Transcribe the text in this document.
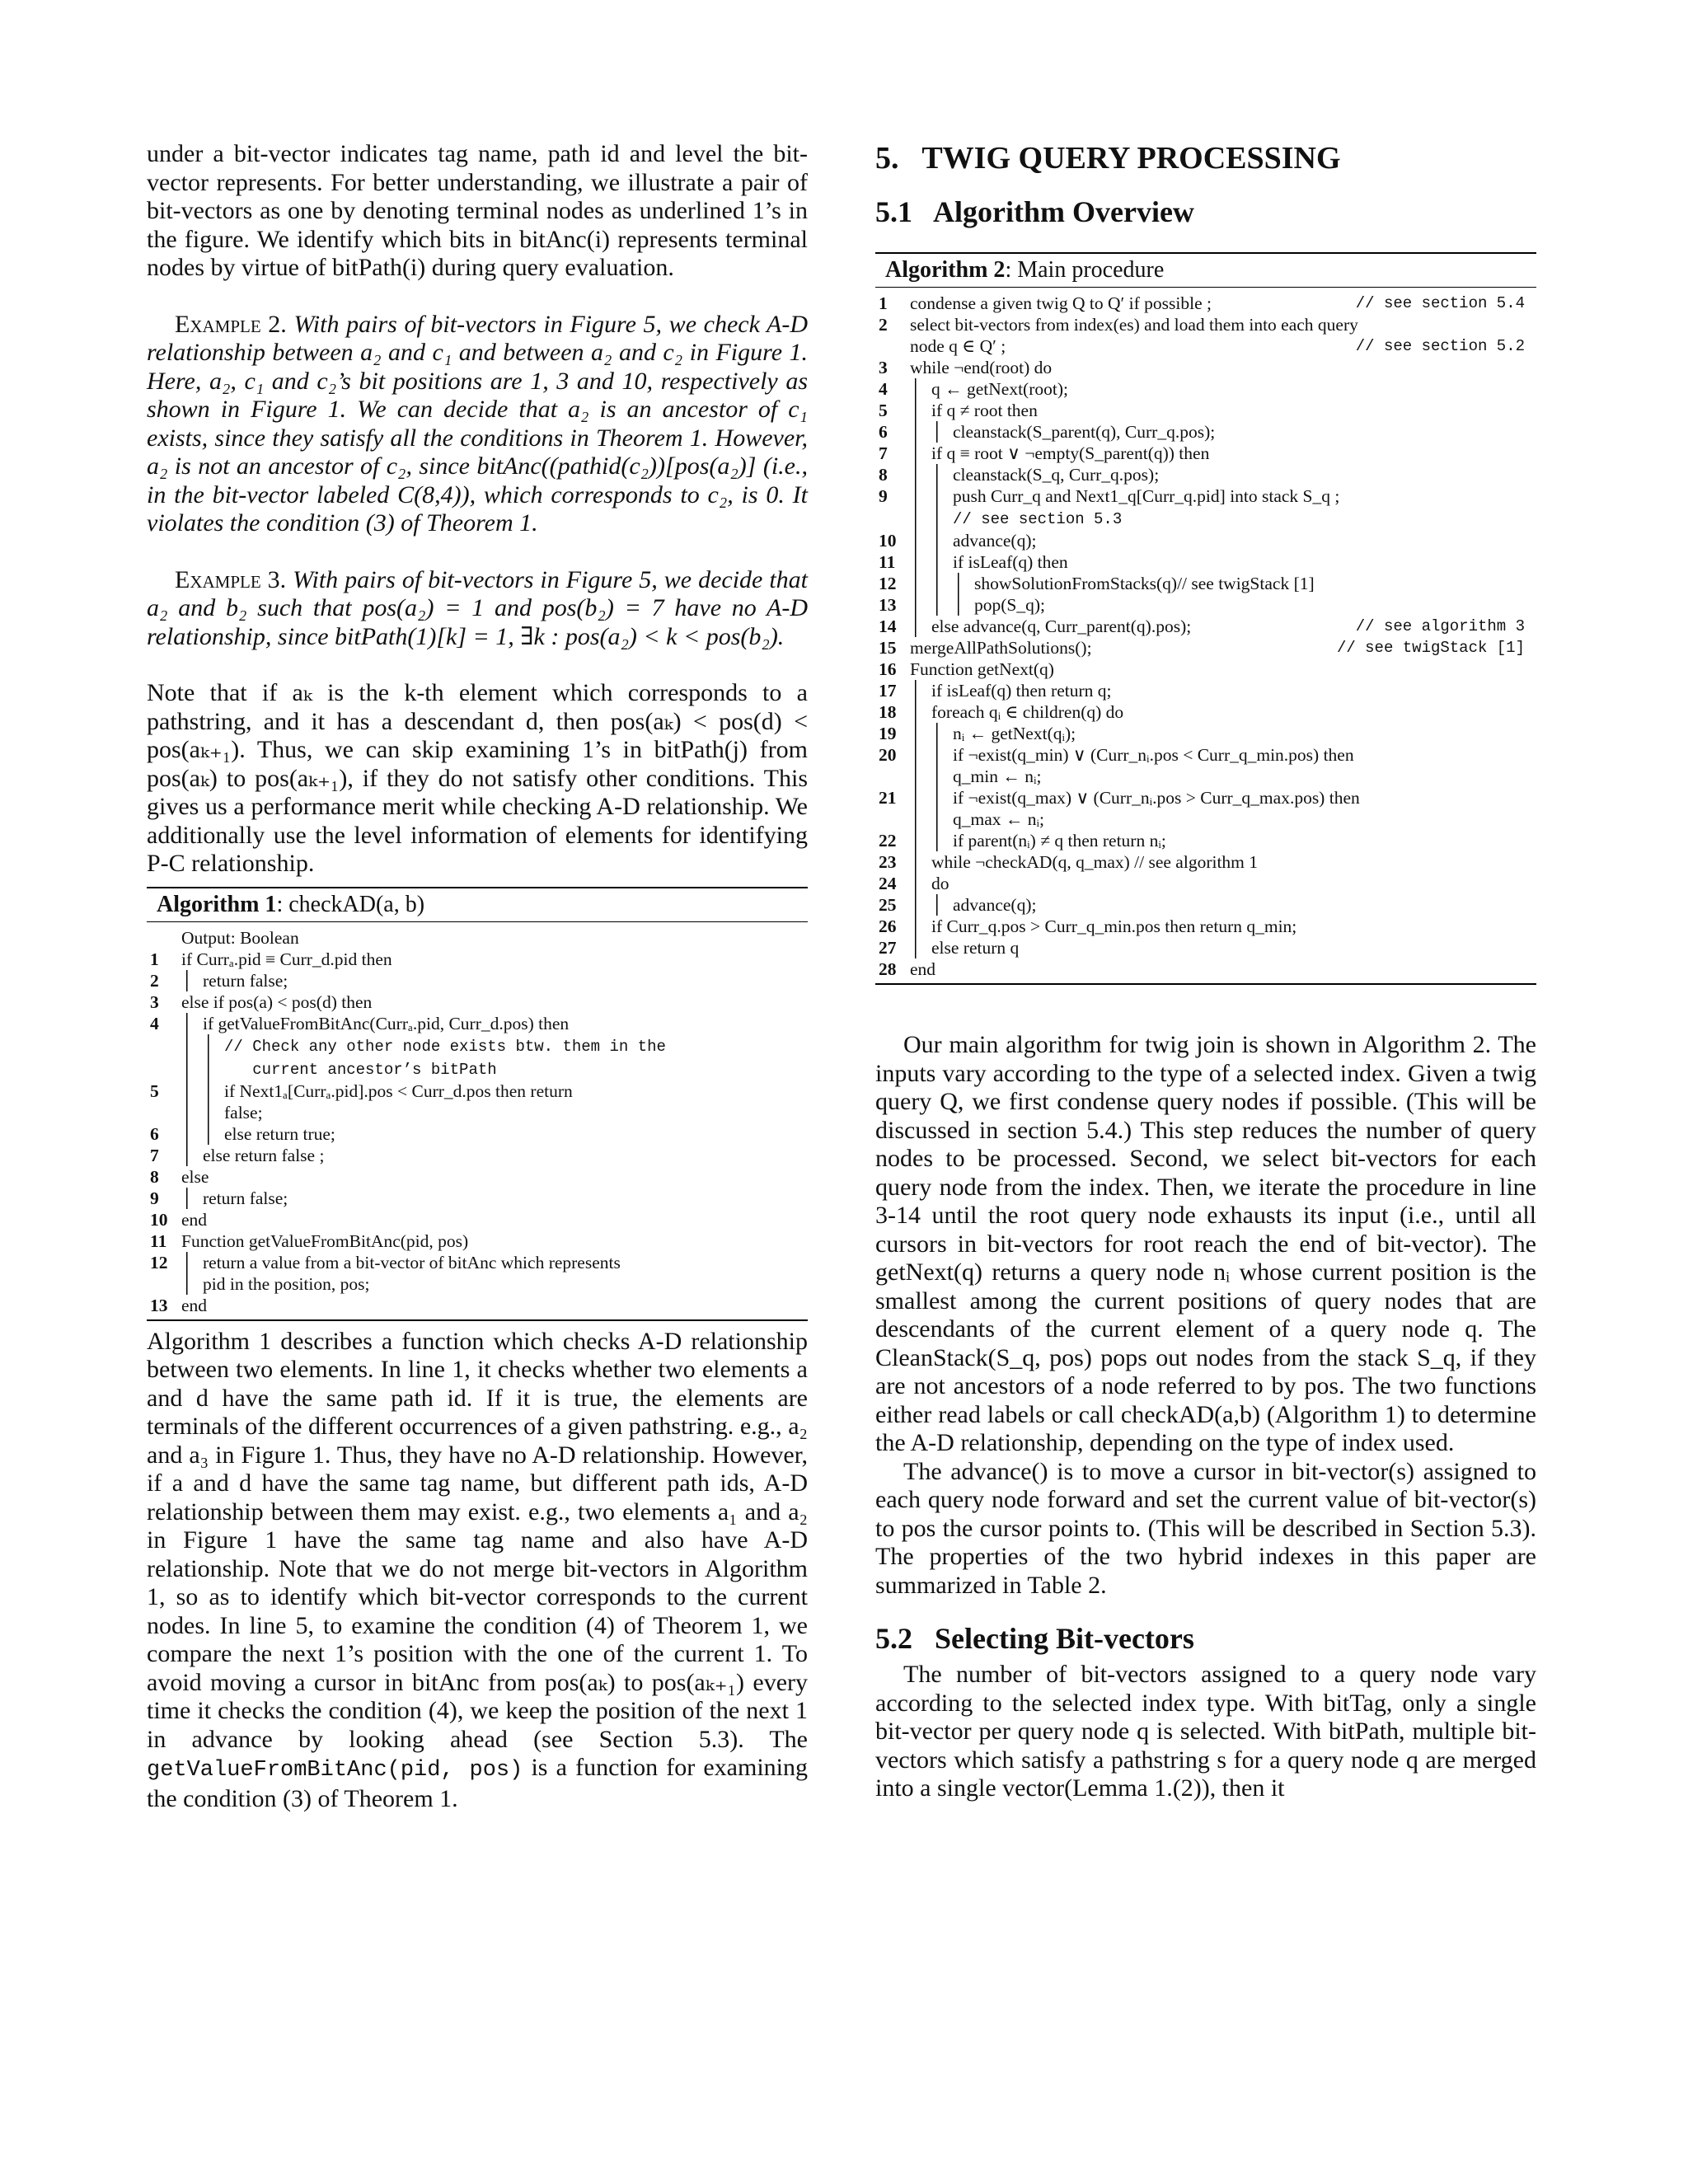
under a bit-vector indicates tag name, path id and level the bit-vector represents. For better understanding, we illustrate a pair of bit-vectors as one by denoting terminal nodes as underlined 1’s in the figure. We identify which bits in bitAnc(i) represents terminal nodes by virtue of bitPath(i) during query evaluation.

Example 2. With pairs of bit-vectors in Figure 5, we check A-D relationship between a₂ and c₁ and between a₂ and c₂ in Figure 1. Here, a₂, c₁ and c₂’s bit positions are 1, 3 and 10, respectively as shown in Figure 1. We can decide that a₂ is an ancestor of c₁ exists, since they satisfy all the conditions in Theorem 1. However, a₂ is not an ancestor of c₂, since bitAnc((pathid(c₂))[pos(a₂)] (i.e., in the bit-vector labeled C(8,4)), which corresponds to c₂, is 0. It violates the condition (3) of Theorem 1.

Example 3. With pairs of bit-vectors in Figure 5, we decide that a₂ and b₂ such that pos(a₂) = 1 and pos(b₂) = 7 have no A-D relationship, since bitPath(1)[k] = 1, ∃k : pos(a₂) < k < pos(b₂).

Note that if aₖ is the k-th element which corresponds to a pathstring, and it has a descendant d, then pos(aₖ) < pos(d) < pos(aₖ₊₁). Thus, we can skip examining 1’s in bitPath(j) from pos(aₖ) to pos(aₖ₊₁), if they do not satisfy other conditions. This gives us a performance merit while checking A-D relationship. We additionally use the level information of elements for identifying P-C relationship.

Algorithm 1: checkAD(a, b)
Output: Boolean
1	if Currₐ.pid ≡ Curr_d.pid then
2	return false;
3	else if pos(a) < pos(d) then
4	if getValueFromBitAnc(Currₐ.pid, Curr_d.pos) then
// Check any other node exists btw. them in the
current ancestor’s bitPath
5	if Next1ₐ[Currₐ.pid].pos < Curr_d.pos then return
false;
6	else return true;
7	else return false ;
8	else
9	return false;
10 end
11 Function getValueFromBitAnc(pid, pos)
12	return a value from a bit-vector of bitAnc which represents
pid in the position, pos;
13 end

Algorithm 1 describes a function which checks A-D relationship between two elements. In line 1, it checks whether two elements a and d have the same path id. If it is true, the elements are terminals of the different occurrences of a given pathstring. e.g., a₂ and a₃ in Figure 1. Thus, they have no A-D relationship. However, if a and d have the same tag name, but different path ids, A-D relationship between them may exist. e.g., two elements a₁ and a₂ in Figure 1 have the same tag name and also have A-D relationship. Note that we do not merge bit-vectors in Algorithm 1, so as to identify which bit-vector corresponds to the current nodes. In line 5, to examine the condition (4) of Theorem 1, we compare the next 1’s position with the one of the current 1. To avoid moving a cursor in bitAnc from pos(aₖ) to pos(aₖ₊₁) every time it checks the condition (4), we keep the position of the next 1 in advance by looking ahead (see Section 5.3). The getValueFromBitAnc(pid, pos) is a function for examining the condition (3) of Theorem 1.

5.   TWIG QUERY PROCESSING
5.1   Algorithm Overview
Algorithm 2: Main procedure
1	condense a given twig Q to Q′ if possible ;	// see section 5.4
2	select bit-vectors from index(es) and load them into each query
node q ∈ Q′ ;	// see section 5.2
3	while ¬end(root) do
4	q ← getNext(root);
5	if q ≠ root then
6	cleanstack(S_parent(q), Curr_q.pos);
7	if q ≡ root ∨ ¬empty(S_parent(q)) then
8	cleanstack(S_q, Curr_q.pos);
9	push Curr_q and Next1_q[Curr_q.pid] into stack S_q ;
// see section 5.3
10	advance(q);
11	if isLeaf(q) then
12	showSolutionFromStacks(q)// see twigStack [1]
13	pop(S_q);
14	else advance(q, Curr_parent(q).pos);	// see algorithm 3
15 mergeAllPathSolutions();	// see twigStack [1]
16 Function getNext(q)
17	if isLeaf(q) then return q;
18	foreach qᵢ ∈ children(q) do
19	nᵢ ← getNext(qᵢ);
20	if ¬exist(q_min) ∨ (Curr_nᵢ.pos < Curr_q_min.pos) then
q_min ← nᵢ;
21	if ¬exist(q_max) ∨ (Curr_nᵢ.pos > Curr_q_max.pos) then
q_max ← nᵢ;
22	if parent(nᵢ) ≠ q then return nᵢ;
23	while ¬checkAD(q, q_max) // see algorithm 1
24	do
25	advance(q);
26	if Curr_q.pos > Curr_q_min.pos then return q_min;
27	else return q
28 end

Our main algorithm for twig join is shown in Algorithm 2. The inputs vary according to the type of a selected index. Given a twig query Q, we first condense query nodes if possible. (This will be discussed in section 5.4.) This step reduces the number of query nodes to be processed. Second, we select bit-vectors for each query node from the index. Then, we iterate the procedure in line 3-14 until the root query node exhausts its input (i.e., until all cursors in bit-vectors for root reach the end of bit-vector). The getNext(q) returns a query node nᵢ whose current position is the smallest among the current positions of query nodes that are descendants of the current element of a query node q. The CleanStack(S_q, pos) pops out nodes from the stack S_q, if they are not ancestors of a node referred to by pos. The two functions either read labels or call checkAD(a,b) (Algorithm 1) to determine the A-D relationship, depending on the type of index used.

The advance() is to move a cursor in bit-vector(s) assigned to each query node forward and set the current value of bit-vector(s) to pos the cursor points to. (This will be described in Section 5.3). The properties of the two hybrid indexes in this paper are summarized in Table 2.

5.2   Selecting Bit-vectors

The number of bit-vectors assigned to a query node vary according to the selected index type. With bitTag, only a single bit-vector per query node q is selected. With bitPath, multiple bit-vectors which satisfy a pathstring s for a query node q are merged into a single vector(Lemma 1.(2)), then it
